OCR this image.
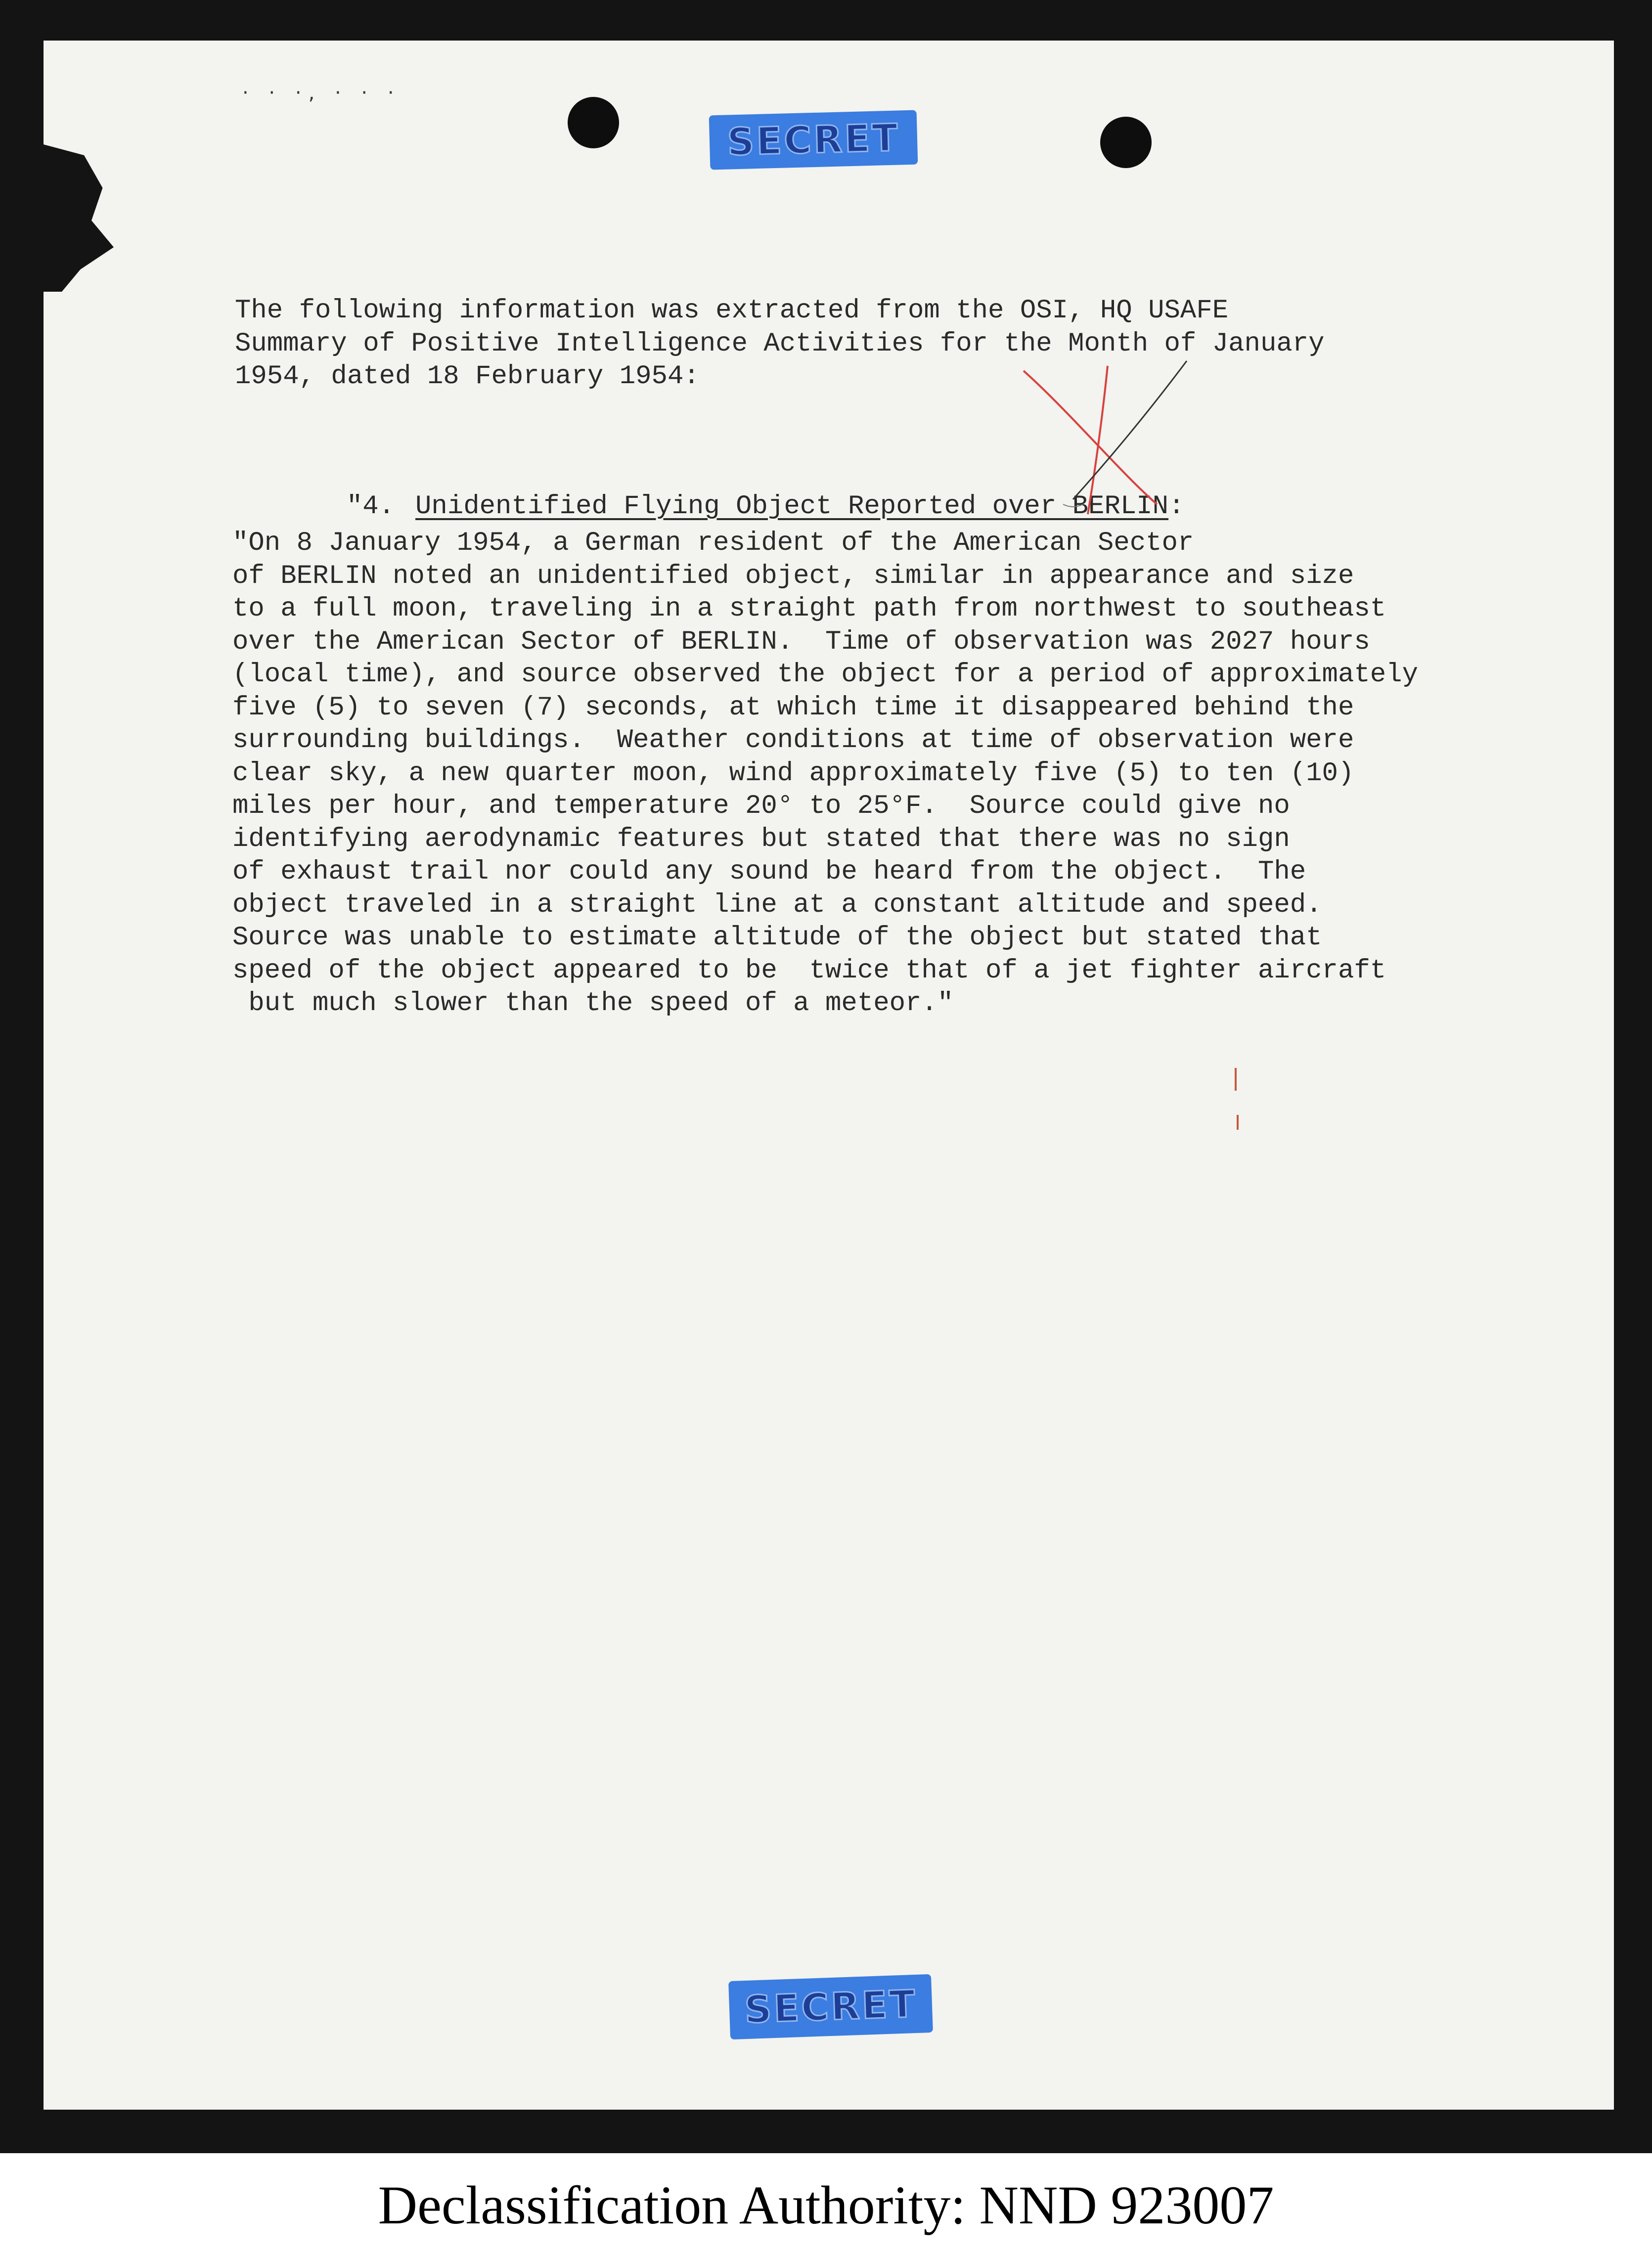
· · ·, · · ·
SECRET

The following information was extracted from the OSI, HQ USAFE
Summary of Positive Intelligence Activities for the Month of January
1954, dated 18 February 1954:

"4. Unidentified Flying Object Reported over BERLIN:

"On 8 January 1954, a German resident of the American Sector
of BERLIN noted an unidentified object, similar in appearance and size
to a full moon, traveling in a straight path from northwest to southeast
over the American Sector of BERLIN.  Time of observation was 2027 hours
(local time), and source observed the object for a period of approximately
five (5) to seven (7) seconds, at which time it disappeared behind the
surrounding buildings.  Weather conditions at time of observation were
clear sky, a new quarter moon, wind approximately five (5) to ten (10)
miles per hour, and temperature 20° to 25°F.  Source could give no
identifying aerodynamic features but stated that there was no sign
of exhaust trail nor could any sound be heard from the object.  The
object traveled in a straight line at a constant altitude and speed.
Source was unable to estimate altitude of the object but stated that
speed of the object appeared to be  twice that of a jet fighter aircraft
but much slower than the speed of a meteor."

SECRET
Declassification Authority: NND 923007
